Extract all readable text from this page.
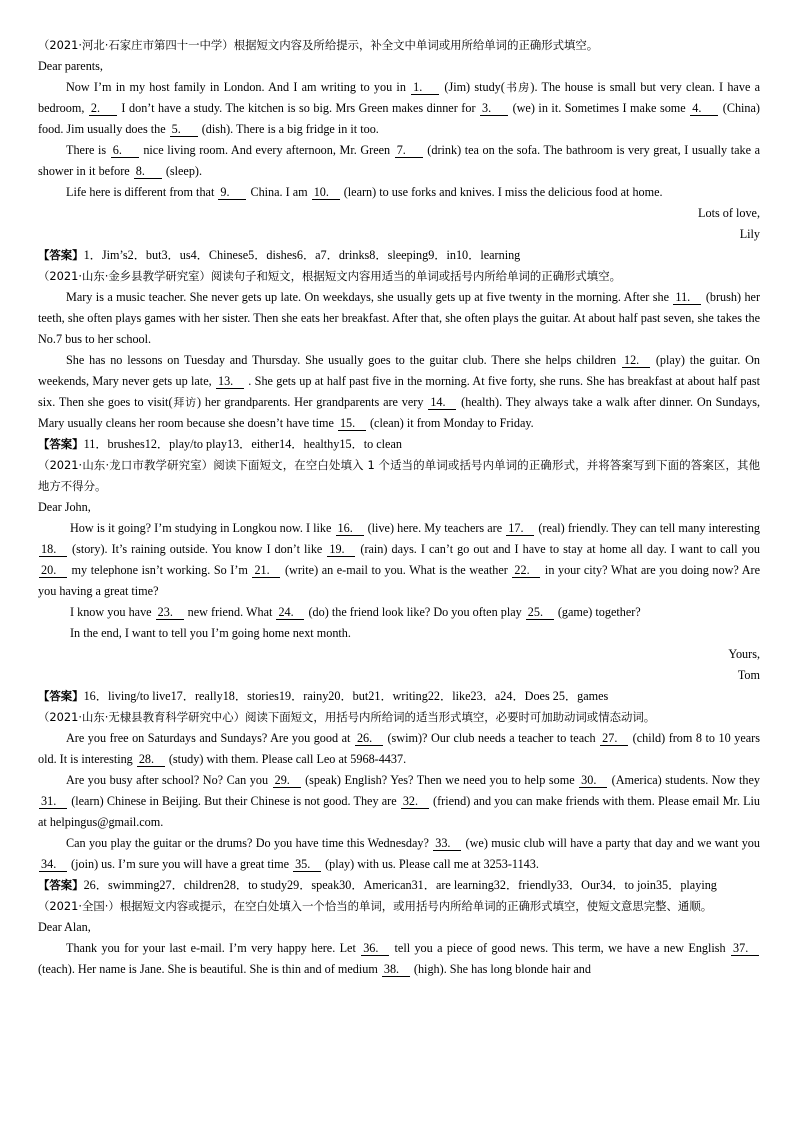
（2021·河北·石家庄市第四十一中学）根据短文内容及所给提示，补全文中单词或用所给单词的正确形式填空。

Dear parents,

Now I’m in my host family in London. And I am writing to you in 1. (Jim) study(书房). The house is small but very clean. I have a bedroom, 2. I don’t have a study. The kitchen is so big. Mrs Green makes dinner for 3. (we) in it. Sometimes I make some 4. (China) food. Jim usually does the 5. (dish). There is a big fridge in it too.

There is 6. nice living room. And every afternoon, Mr. Green 7. (drink) tea on the sofa. The bathroom is very great, I usually take a shower in it before 8. (sleep).

Life here is different from that 9. China. I am 10. (learn) to use forks and knives. I miss the delicious food at home.

Lots of love,

Lily

【答案】1．Jim’s2．but3．us4．Chinese5．dishes6．a7．drinks8．sleeping9．in10．learning

（2021·山东·金乡县教学研究室）阅读句子和短文，根据短文内容用适当的单词或括号内所给单词的正确形式填空。

Mary is a music teacher. She never gets up late. On weekdays, she usually gets up at five twenty in the morning. After she 11. (brush) her teeth, she often plays games with her sister. Then she eats her breakfast. After that, she often plays the guitar. At about half past seven, she takes the No.7 bus to her school.

She has no lessons on Tuesday and Thursday. She usually goes to the guitar club. There she helps children 12. (play) the guitar. On weekends, Mary never gets up late, 13. . She gets up at half past five in the morning. At five forty, she runs. She has breakfast at about half past six. Then she goes to visit(拜访) her grandparents. Her grandparents are very 14. (health). They always take a walk after dinner. On Sundays, Mary usually cleans her room because she doesn’t have time 15. (clean) it from Monday to Friday.

【答案】11．brushes12．play/to play13．either14．healthy15．to clean

（2021·山东·龙口市教学研究室）阅读下面短文，在空白处填入 1 个适当的单词或括号内单词的正确形式，并将答案写到下面的答案区，其他地方不得分。

Dear John,

How is it going? I’m studying in Longkou now. I like 16. (live) here. My teachers are 17. (real) friendly. They can tell many interesting 18. (story). It’s raining outside. You know I don’t like 19. (rain) days. I can’t go out and I have to stay at home all day. I want to call you 20. my telephone isn’t working. So I’m 21. (write) an e-mail to you. What is the weather 22. in your city? What are you doing now? Are you having a great time?

I know you have 23. new friend. What 24. (do) the friend look like? Do you often play 25. (game) together?

In the end, I want to tell you I’m going home next month.

Yours,

Tom

【答案】16．living/to live17．really18．stories19．rainy20．but21．writing22．like23．a24．Does 25．games

（2021·山东·无棣县教育科学研究中心）阅读下面短文，用括号内所给词的适当形式填空，必要时可加助动词或情态动词。

Are you free on Saturdays and Sundays? Are you good at 26. (swim)? Our club needs a teacher to teach 27. (child) from 8 to 10 years old. It is interesting 28. (study) with them. Please call Leo at 5968-4437.

Are you busy after school? No? Can you 29. (speak) English? Yes? Then we need you to help some 30. (America) students. Now they 31. (learn) Chinese in Beijing. But their Chinese is not good. They are 32. (friend) and you can make friends with them. Please email Mr. Liu at helpingus@gmail.com.

Can you play the guitar or the drums? Do you have time this Wednesday? 33. (we) music club will have a party that day and we want you 34. (join) us. I’m sure you will have a great time 35. (play) with us. Please call me at 3253-1143.

【答案】26．swimming27．children28．to study29．speak30．American31．are learning32．friendly33．Our34．to join35．playing

（2021·全国·）根据短文内容或提示，在空白处填入一个恰当的单词，或用括号内所给单词的正确形式填空，使短文意思完整、通顺。

Dear Alan,

Thank you for your last e-mail. I’m very happy here. Let 36. tell you a piece of good news. This term, we have a new English 37. (teach). Her name is Jane. She is beautiful. She is thin and of medium 38. (high). She has long blonde hair and
